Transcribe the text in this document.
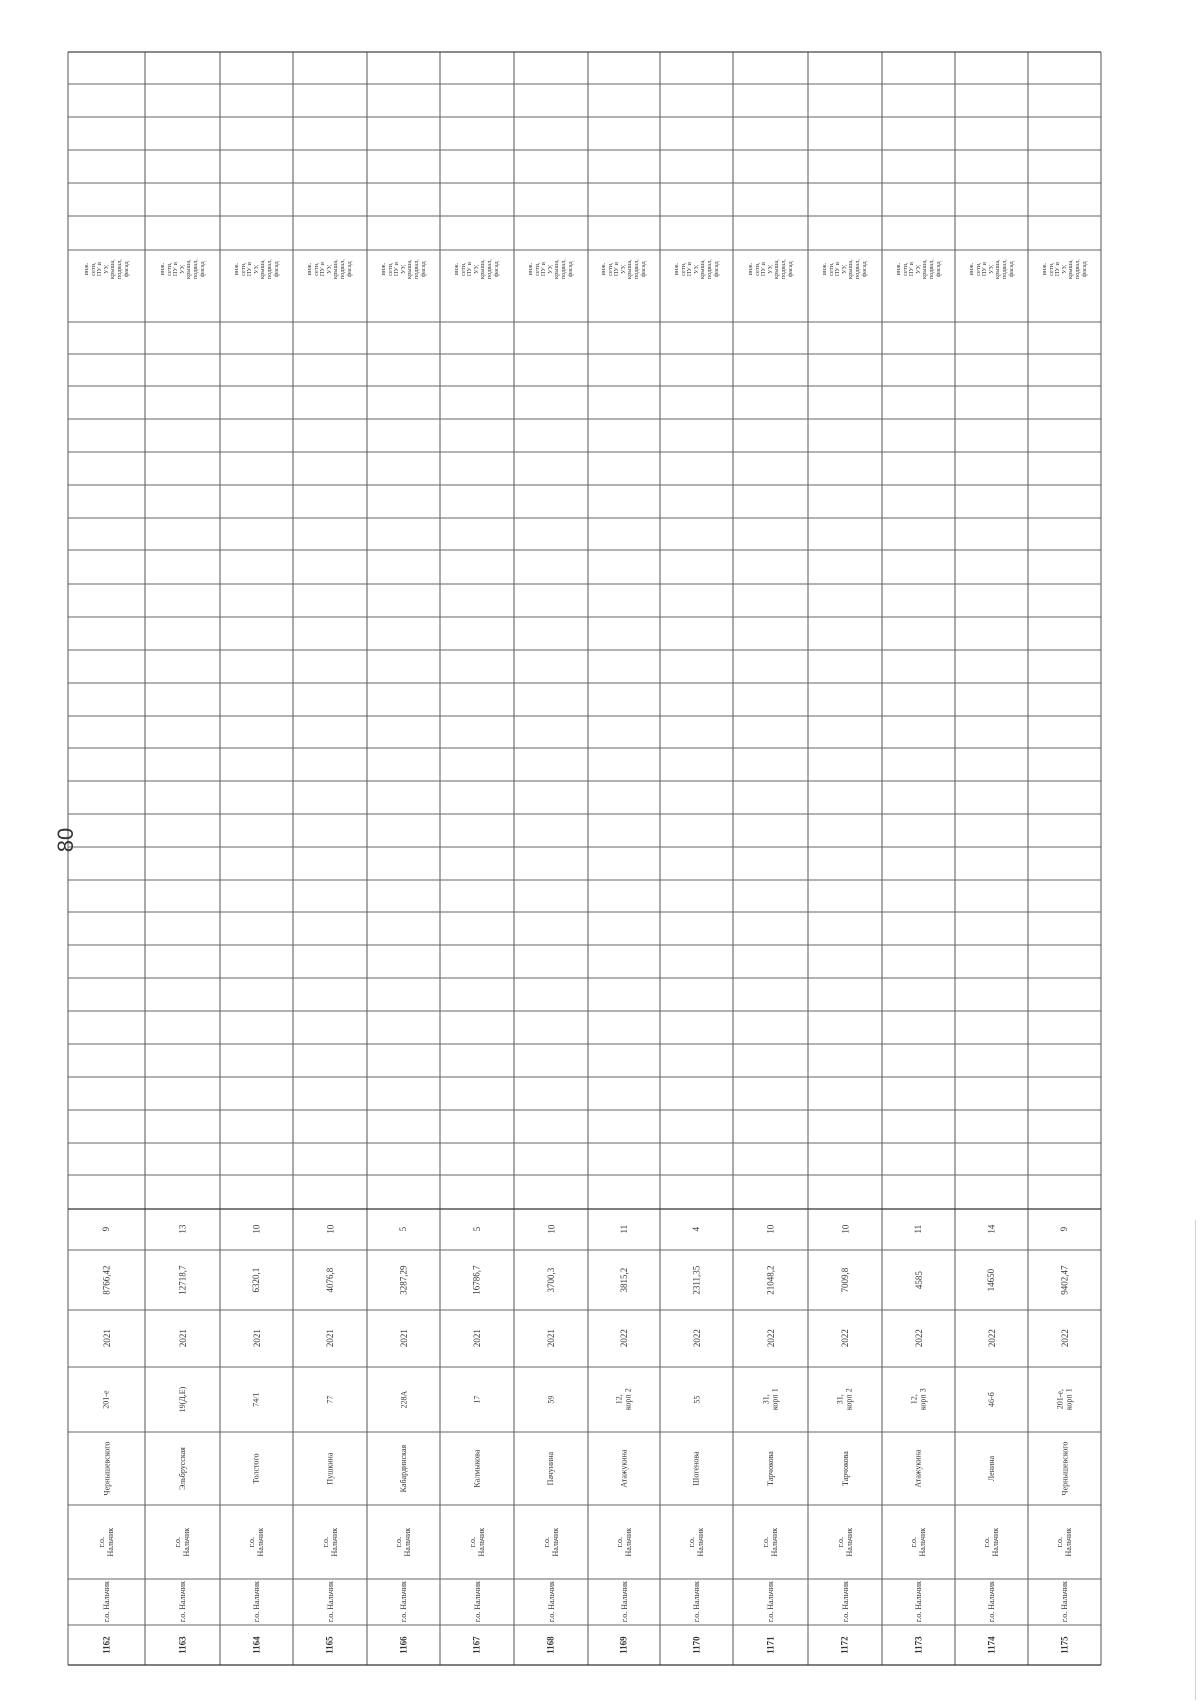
80
инж.
сети,
ПУ и
УУ,
крыша,
подвал,
фасад
9
8766,42
2021
201-е
Чернышевского
г.о.
Нальчик
г.о. Нальчик
1162
инж.
сети,
ПУ и
УУ,
крыша,
подвал,
фасад
13
12718,7
2021
19(Д,Е)
Эльбрусская
г.о.
Нальчик
г.о. Нальчик
1163
инж.
сети,
ПУ и
УУ,
крыша,
подвал,
фасад
10
6320,1
2021
74/1
Толстого
г.о.
Нальчик
г.о. Нальчик
1164
инж.
сети,
ПУ и
УУ,
крыша,
подвал,
фасад
10
4076,8
2021
77
Пушкина
г.о.
Нальчик
г.о. Нальчик
1165
инж.
сети,
ПУ и
УУ,
крыша,
подвал,
фасад
5
3287,29
2021
228А
Кабардинская
г.о.
Нальчик
г.о. Нальчик
1166
инж.
сети,
ПУ и
УУ,
крыша,
подвал,
фасад
5
16786,7
2021
17
Калмыкова
г.о.
Нальчик
г.о. Нальчик
1167
инж.
сети,
ПУ и
УУ,
крыша,
подвал,
фасад
10
3700,3
2021
59
Пачунина
г.о.
Нальчик
г.о. Нальчик
1168
инж.
сети,
ПУ и
УУ,
крыша,
подвал,
фасад
11
3815,2
2022
12,
корп 2
Атажукина
г.о.
Нальчик
г.о. Нальчик
1169
инж.
сети,
ПУ и
УУ,
крыша,
подвал,
фасад
4
2311,35
2022
55
Шогенова
г.о.
Нальчик
г.о. Нальчик
1170
инж.
сети,
ПУ и
УУ,
крыша,
подвал,
фасад
10
21048,2
2022
31,
корп 1
Тарчокова
г.о.
Нальчик
г.о. Нальчик
1171
инж.
сети,
ПУ и
УУ,
крыша,
подвал,
фасад
10
7009,8
2022
31,
корп 2
Тарчокова
г.о.
Нальчик
г.о. Нальчик
1172
инж.
сети,
ПУ и
УУ,
крыша,
подвал,
фасад
11
4585
2022
12,
корп 3
Атажукина
г.о.
Нальчик
г.о. Нальчик
1173
инж.
сети,
ПУ и
УУ,
крыша,
подвал,
фасад
14
14650
2022
46-б
Ленина
г.о.
Нальчик
г.о. Нальчик
1174
инж.
сети,
ПУ и
УУ,
крыша,
подвал,
фасад
9
9402,47
2022
201-е,
корп 1
Чернышевского
г.о.
Нальчик
г.о. Нальчик
1175
